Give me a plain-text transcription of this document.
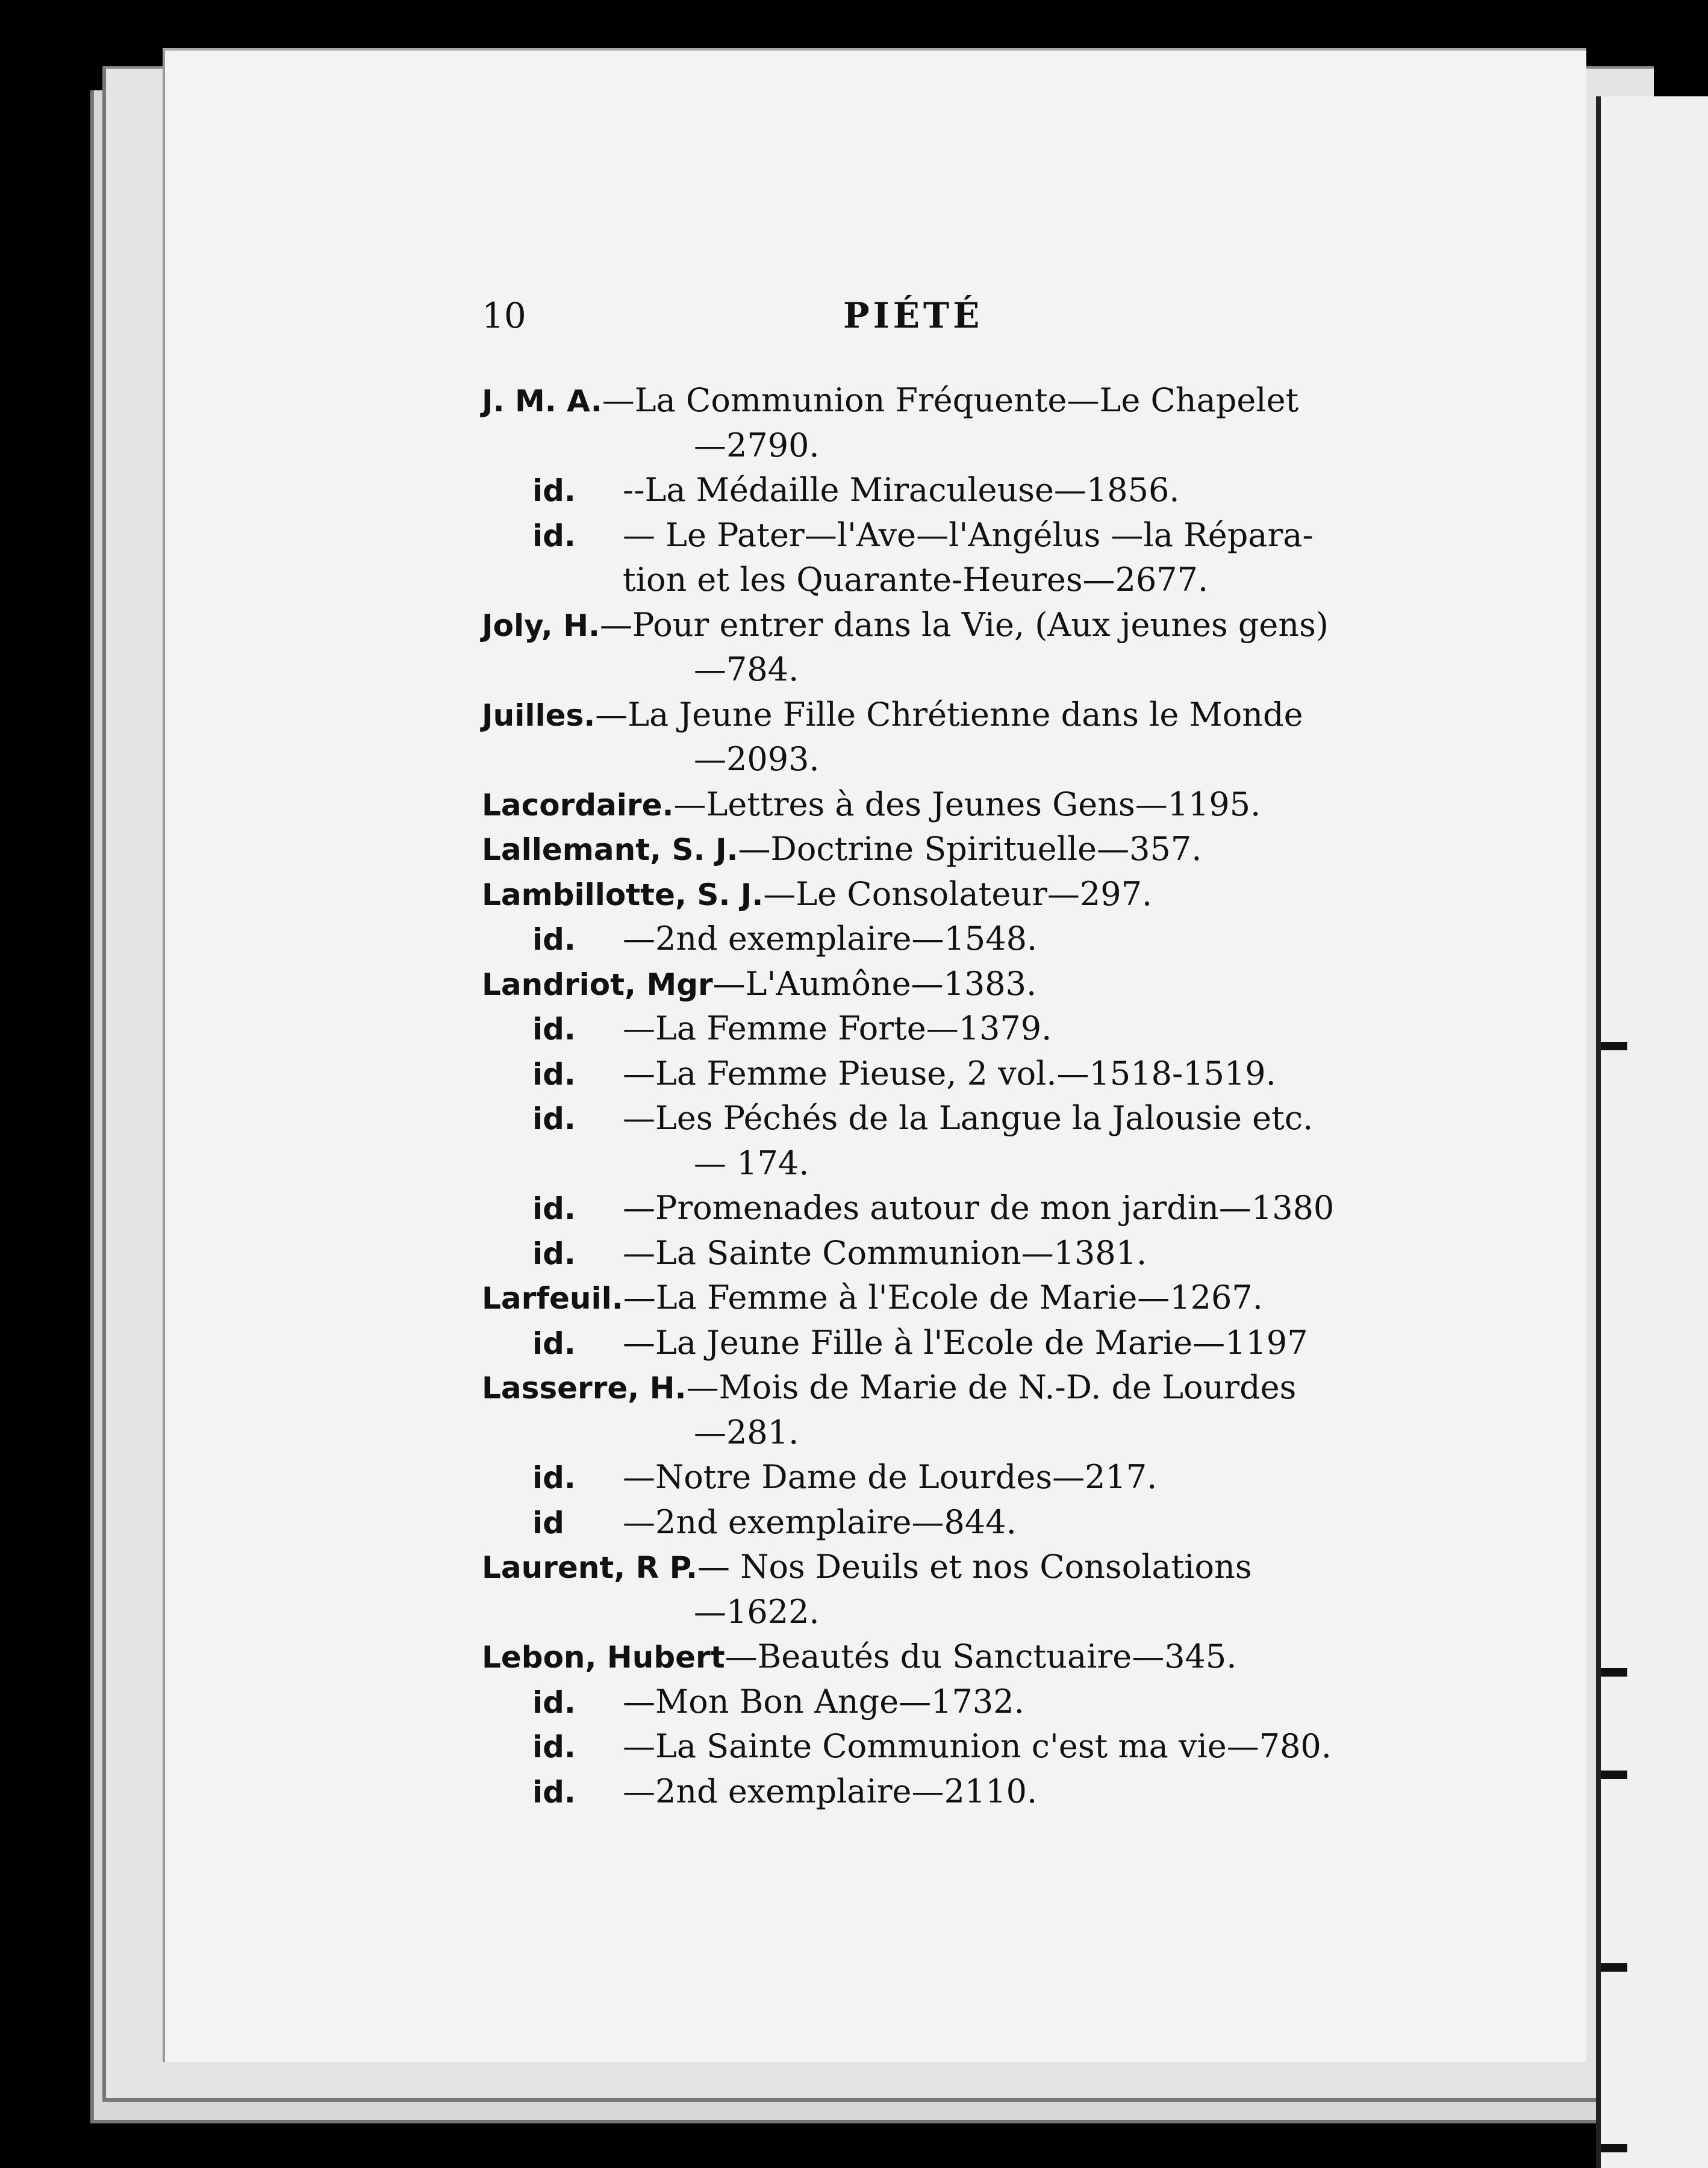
10	PIÉTÉ
J. M. A.—La Communion Fréquente—Le Chapelet
—2790.
id. --La Médaille Miraculeuse—1856.
id. — Le Pater—l'Ave—l'Angélus —la Répara-
tion et les Quarante-Heures—2677.
Joly, H.—Pour entrer dans la Vie, (Aux jeunes gens)
—784.
Juilles.—La Jeune Fille Chrétienne dans le Monde
—2093.
Lacordaire.—Lettres à des Jeunes Gens—1195.
Lallemant, S. J.—Doctrine Spirituelle—357.
Lambillotte, S. J.—Le Consolateur—297.
id. —2nd exemplaire—1548.
Landriot, Mgr—L'Aumône—1383.
id. —La Femme Forte—1379.
id. —La Femme Pieuse, 2 vol.—1518-1519.
id. —Les Péchés de la Langue la Jalousie etc.
— 174.
id. —Promenades autour de mon jardin—1380
id. —La Sainte Communion—1381.
Larfeuil.—La Femme à l'Ecole de Marie—1267.
id. —La Jeune Fille à l'Ecole de Marie—1197
Lasserre, H.—Mois de Marie de N.-D. de Lourdes
—281.
id. —Notre Dame de Lourdes—217.
id —2nd exemplaire—844.
Laurent, R P.— Nos Deuils et nos Consolations
—1622.
Lebon, Hubert—Beautés du Sanctuaire—345.
id. —Mon Bon Ange—1732.
id. —La Sainte Communion c'est ma vie—780.
id. —2nd exemplaire—2110.
